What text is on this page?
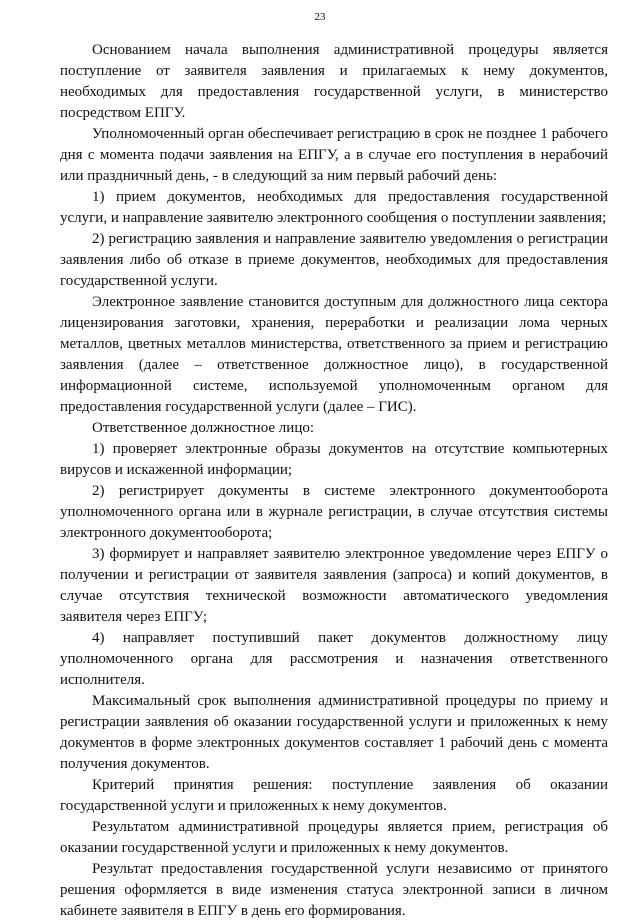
23

Основанием начала выполнения административной процедуры является поступление от заявителя заявления и прилагаемых к нему документов, необходимых для предоставления государственной услуги, в министерство посредством ЕПГУ.

Уполномоченный орган обеспечивает регистрацию в срок не позднее 1 рабочего дня с момента подачи заявления на ЕПГУ, а в случае его поступления в нерабочий или праздничный день, - в следующий за ним первый рабочий день:

1) прием документов, необходимых для предоставления государственной услуги, и направление заявителю электронного сообщения о поступлении заявления;

2) регистрацию заявления и направление заявителю уведомления о регистрации заявления либо об отказе в приеме документов, необходимых для предоставления государственной услуги.

Электронное заявление становится доступным для должностного лица сектора лицензирования заготовки, хранения, переработки и реализации лома черных металлов, цветных металлов министерства, ответственного за прием и регистрацию заявления (далее – ответственное должностное лицо), в государственной информационной системе, используемой уполномоченным органом для предоставления государственной услуги (далее – ГИС).

Ответственное должностное лицо:

1) проверяет электронные образы документов на отсутствие компьютерных вирусов и искаженной информации;

2) регистрирует документы в системе электронного документооборота уполномоченного органа или в журнале регистрации, в случае отсутствия системы электронного документооборота;

3) формирует и направляет заявителю электронное уведомление через ЕПГУ о получении и регистрации от заявителя заявления (запроса) и копий документов, в случае отсутствия технической возможности автоматического уведомления заявителя через ЕПГУ;

4) направляет поступивший пакет документов должностному лицу уполномоченного органа для рассмотрения и назначения ответственного исполнителя.

Максимальный срок выполнения административной процедуры по приему и регистрации заявления об оказании государственной услуги и приложенных к нему документов в форме электронных документов составляет 1 рабочий день с момента получения документов.

Критерий принятия решения: поступление заявления об оказании государственной услуги и приложенных к нему документов.

Результатом административной процедуры является прием, регистрация об оказании государственной услуги и приложенных к нему документов.

Результат предоставления государственной услуги независимо от принятого решения оформляется в виде изменения статуса электронной записи в личном кабинете заявителя в ЕПГУ в день его формирования.
